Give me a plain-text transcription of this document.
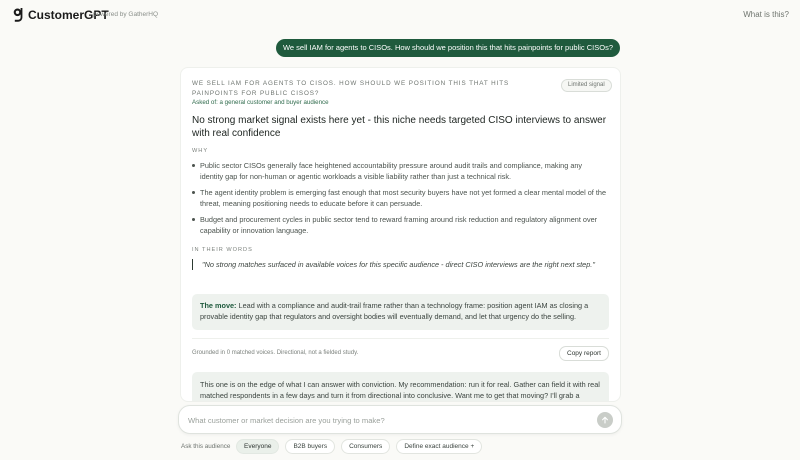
CustomerGPT
powered by GatherHQ	What is this?
We sell IAM for agents to CISOs. How should we position this that hits painpoints for public CISOs?
WE SELL IAM FOR AGENTS TO CISOS. HOW SHOULD WE POSITION THIS THAT HITS PAINPOINTS FOR PUBLIC CISOS?
Limited signal
Asked of: a general customer and buyer audience
No strong market signal exists here yet - this niche needs targeted CISO interviews to answer with real confidence
WHY
Public sector CISOs generally face heightened accountability pressure around audit trails and compliance, making any identity gap for non-human or agentic workloads a visible liability rather than just a technical risk.
The agent identity problem is emerging fast enough that most security buyers have not yet formed a clear mental model of the threat, meaning positioning needs to educate before it can persuade.
Budget and procurement cycles in public sector tend to reward framing around risk reduction and regulatory alignment over capability or innovation language.
IN THEIR WORDS
"No strong matches surfaced in available voices for this specific audience - direct CISO interviews are the right next step."
The move: Lead with a compliance and audit-trail frame rather than a technology frame: position agent IAM as closing a provable identity gap that regulators and oversight bodies will eventually demand, and let that urgency do the selling.
Grounded in 0 matched voices. Directional, not a fielded study.	Copy report
This one is on the edge of what I can answer with conviction. My recommendation: run it for real. Gather can field it with real matched respondents in a few days and turn it from directional into conclusive. Want me to get that moving? I'll grab a
What customer or market decision are you trying to make?
Ask this audience	Everyone	B2B buyers	Consumers	Define exact audience +
